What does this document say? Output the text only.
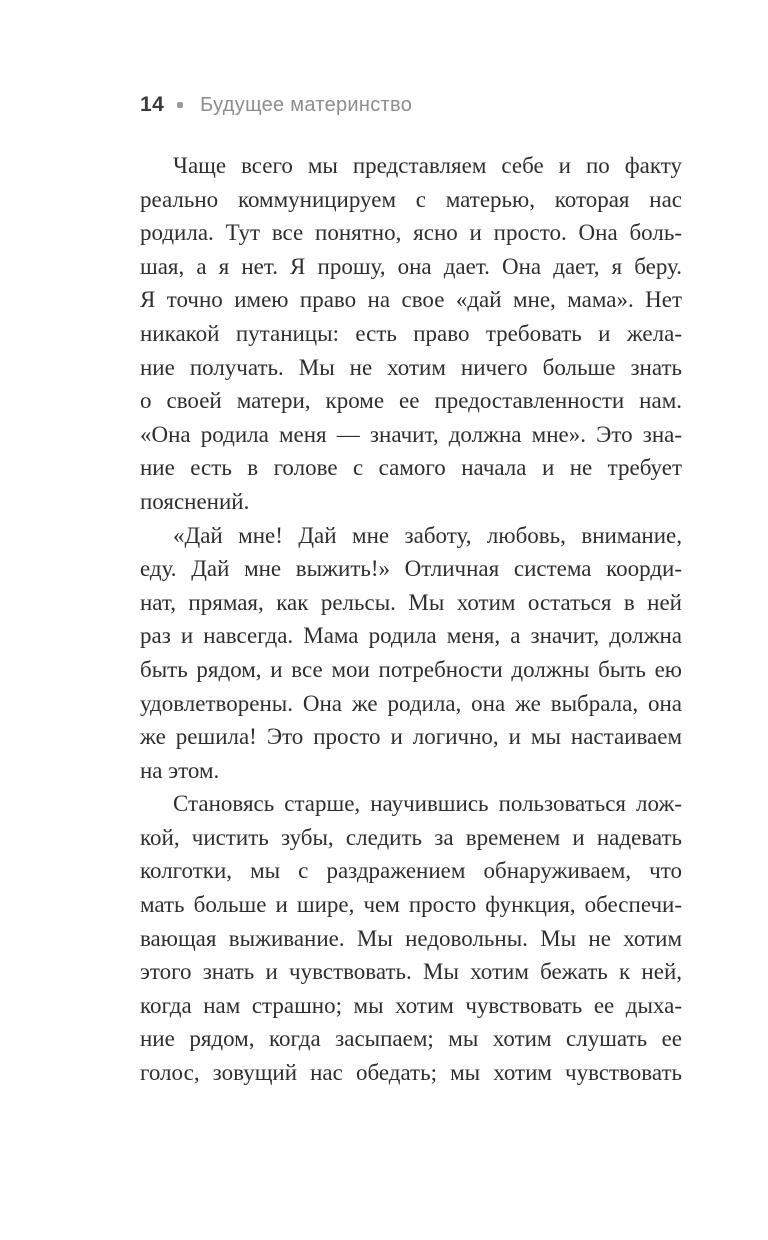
14 Будущее материнство
Чаще всего мы представляем себе и по факту
реально коммуницируем с матерью, которая нас
родила. Тут все понятно, ясно и просто. Она боль-
шая, а я нет. Я прошу, она дает. Она дает, я беру.
Я точно имею право на свое «дай мне, мама». Нет
никакой путаницы: есть право требовать и жела-
ние получать. Мы не хотим ничего больше знать
о своей матери, кроме ее предоставленности нам.
«Она родила меня — значит, должна мне». Это зна-
ние есть в голове с самого начала и не требует
пояснений.
«Дай мне! Дай мне заботу, любовь, внимание,
еду. Дай мне выжить!» Отличная система коорди-
нат, прямая, как рельсы. Мы хотим остаться в ней
раз и навсегда. Мама родила меня, а значит, должна
быть рядом, и все мои потребности должны быть ею
удовлетворены. Она же родила, она же выбрала, она
же решила! Это просто и логично, и мы настаиваем
на этом.
Становясь старше, научившись пользоваться лож-
кой, чистить зубы, следить за временем и надевать
колготки, мы с раздражением обнаруживаем, что
мать больше и шире, чем просто функция, обеспечи-
вающая выживание. Мы недовольны. Мы не хотим
этого знать и чувствовать. Мы хотим бежать к ней,
когда нам страшно; мы хотим чувствовать ее дыха-
ние рядом, когда засыпаем; мы хотим слушать ее
голос, зовущий нас обедать; мы хотим чувствовать
